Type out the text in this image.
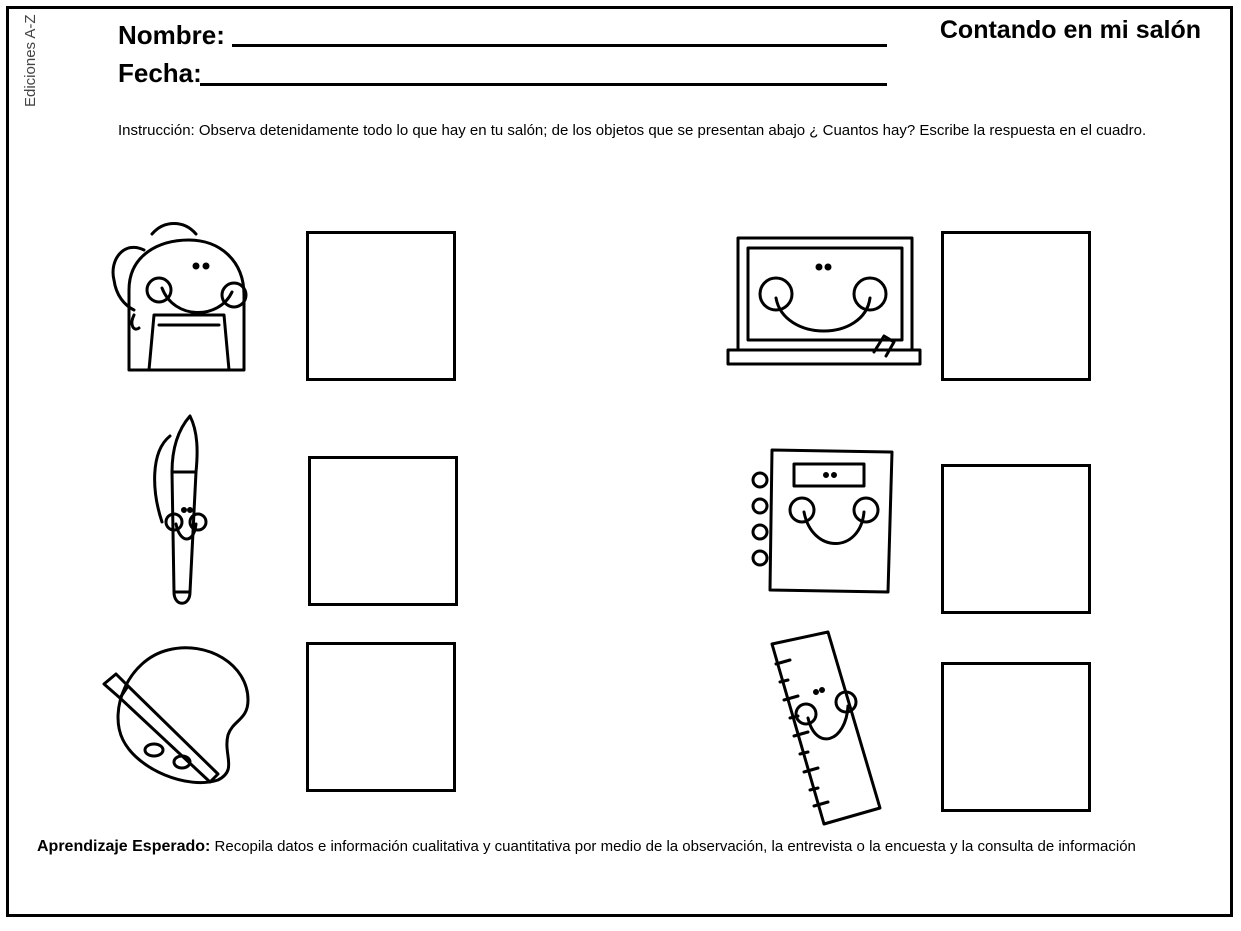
Ediciones A-Z	Nombre:
Fecha:
Contando en mi salón
Instrucción: Observa detenidamente todo lo que hay en tu salón; de los objetos que se presentan abajo ¿ Cuantos hay? Escribe la respuesta en el cuadro.
Aprendizaje Esperado: Recopila datos e información cualitativa y cuantitativa por medio de la observación, la entrevista o la encuesta y la consulta de información
